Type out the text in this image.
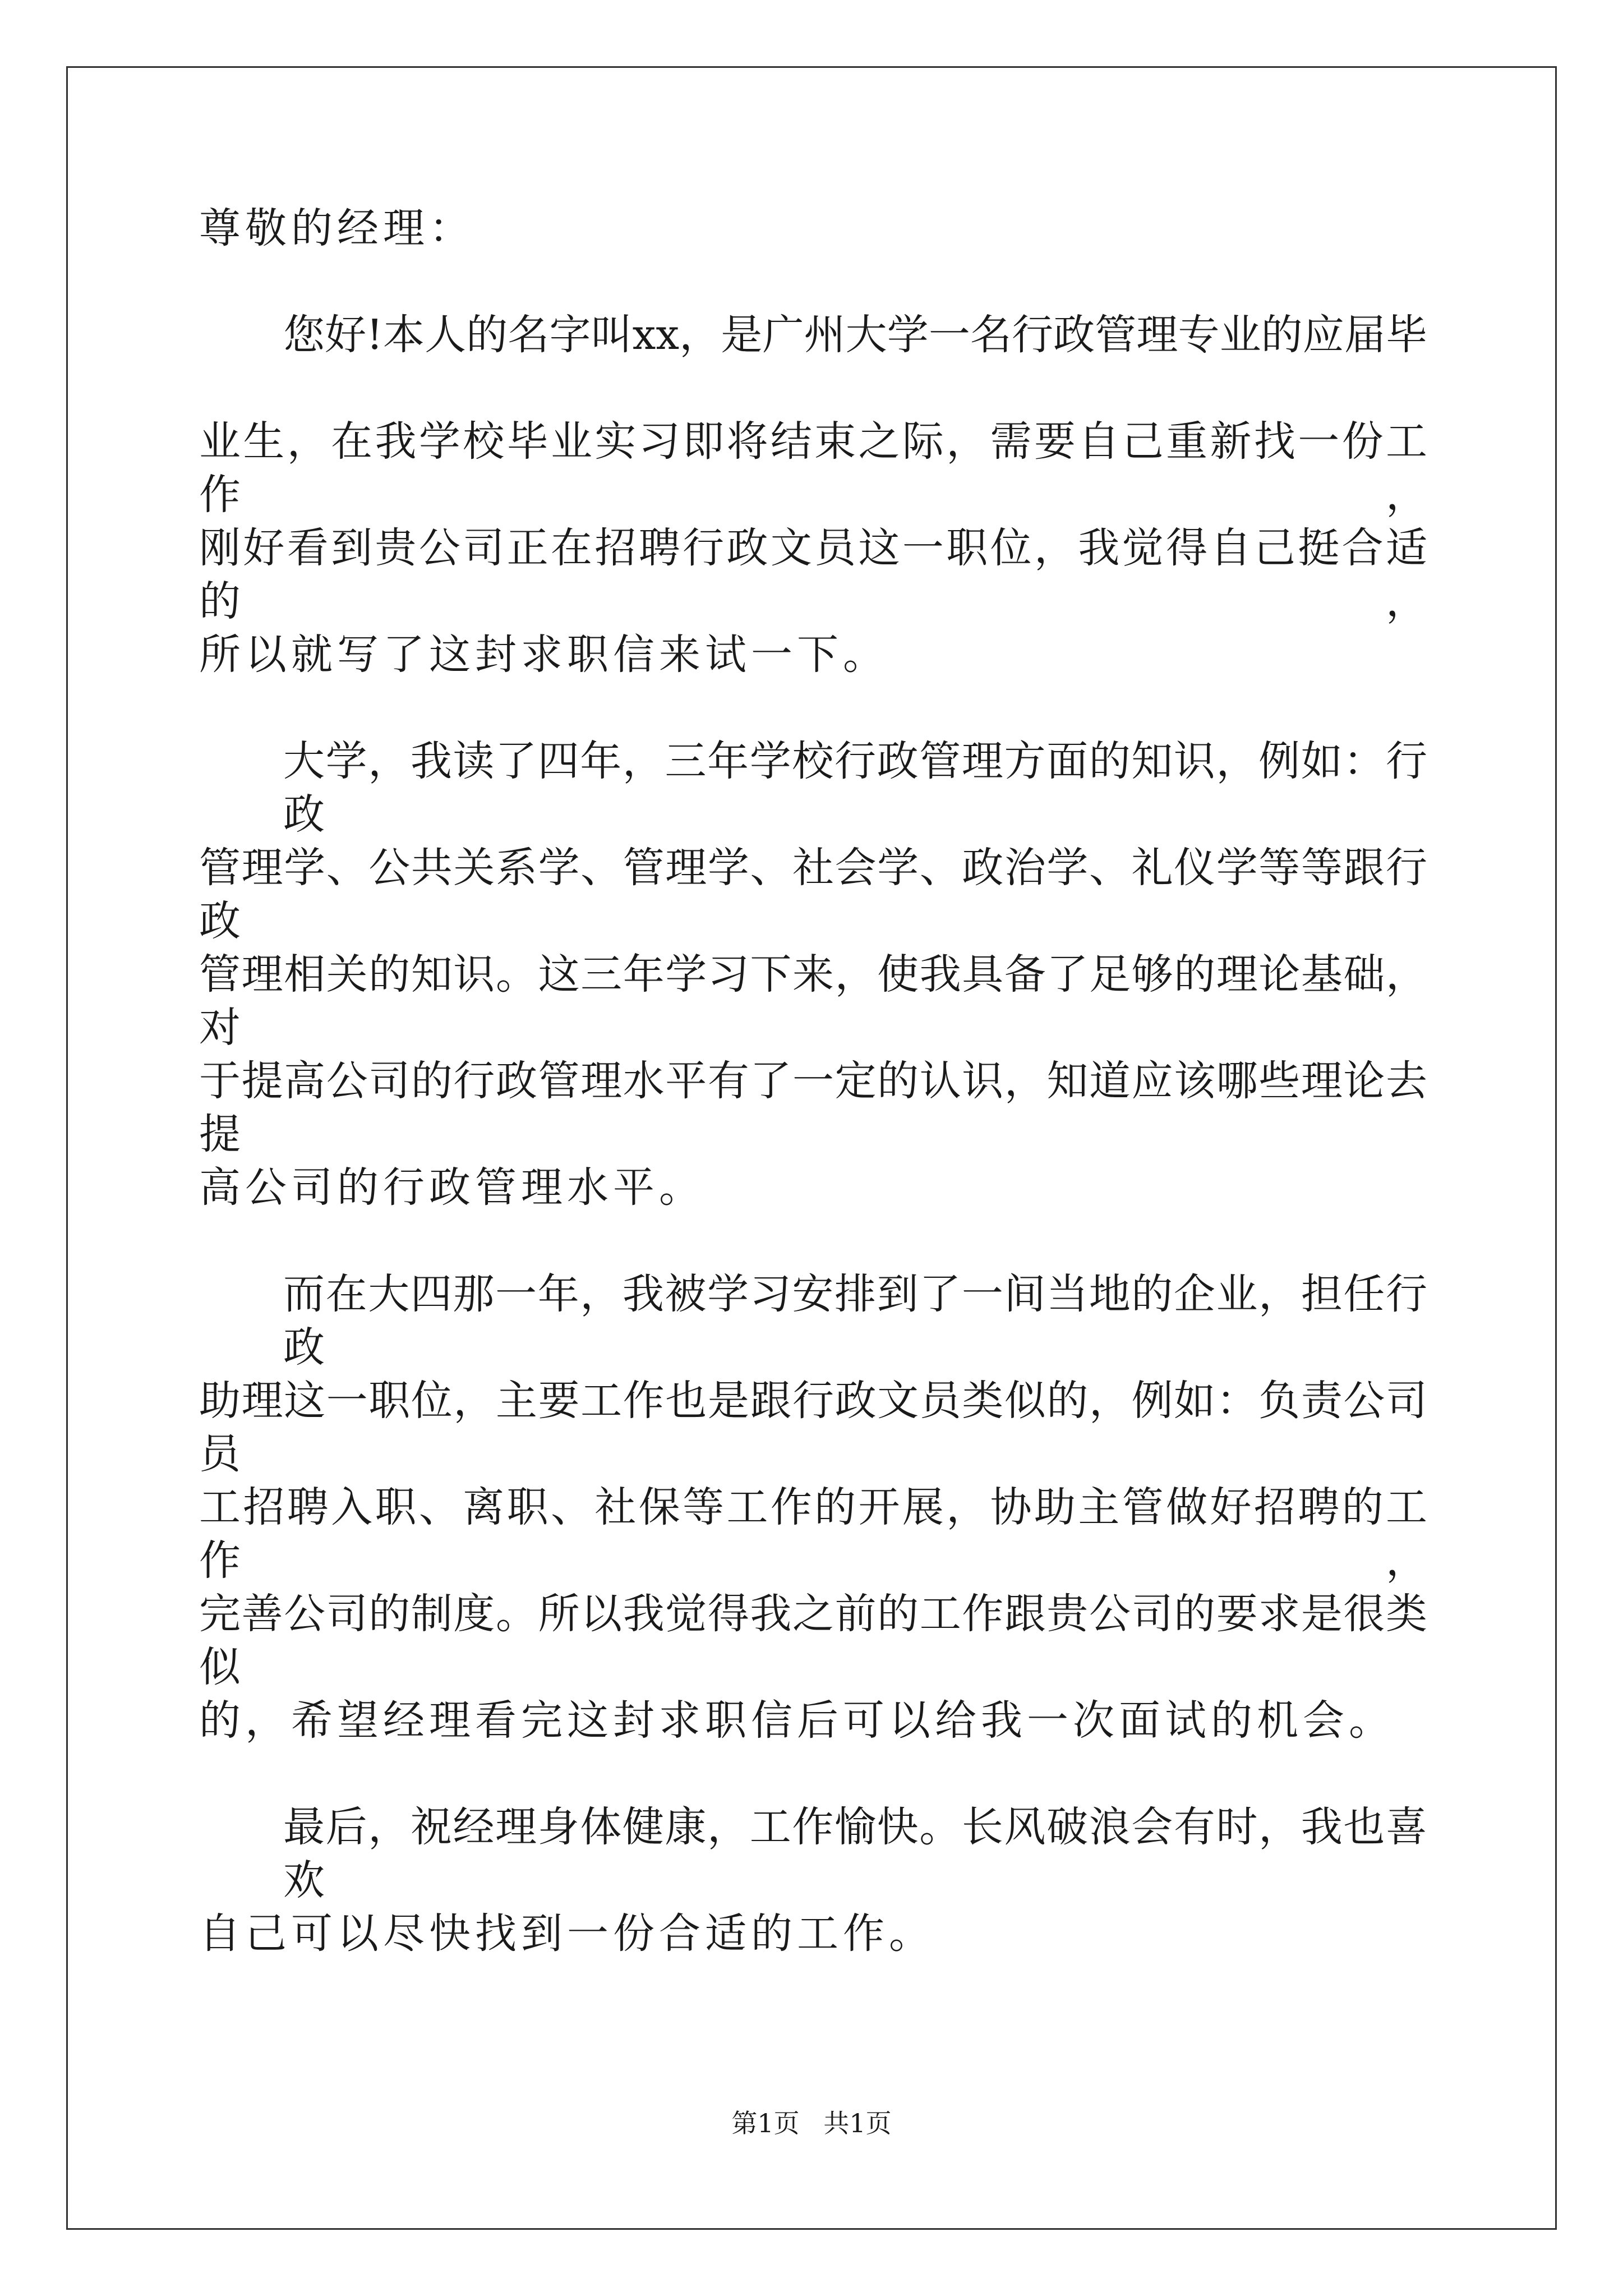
尊敬的经理：
您好!本人的名字叫xx，是广州大学一名行政管理专业的应届毕
业生，在我学校毕业实习即将结束之际，需要自己重新找一份工作，
刚好看到贵公司正在招聘行政文员这一职位，我觉得自己挺合适的，
所以就写了这封求职信来试一下。
大学，我读了四年，三年学校行政管理方面的知识，例如：行政
管理学、公共关系学、管理学、社会学、政治学、礼仪学等等跟行政
管理相关的知识。这三年学习下来，使我具备了足够的理论基础，对
于提高公司的行政管理水平有了一定的认识，知道应该哪些理论去提
高公司的行政管理水平。
而在大四那一年，我被学习安排到了一间当地的企业，担任行政
助理这一职位，主要工作也是跟行政文员类似的，例如：负责公司员
工招聘入职、离职、社保等工作的开展，协助主管做好招聘的工作，
完善公司的制度。所以我觉得我之前的工作跟贵公司的要求是很类似
的，希望经理看完这封求职信后可以给我一次面试的机会。
最后，祝经理身体健康，工作愉快。长风破浪会有时，我也喜欢
自己可以尽快找到一份合适的工作。
第1页 共1页
